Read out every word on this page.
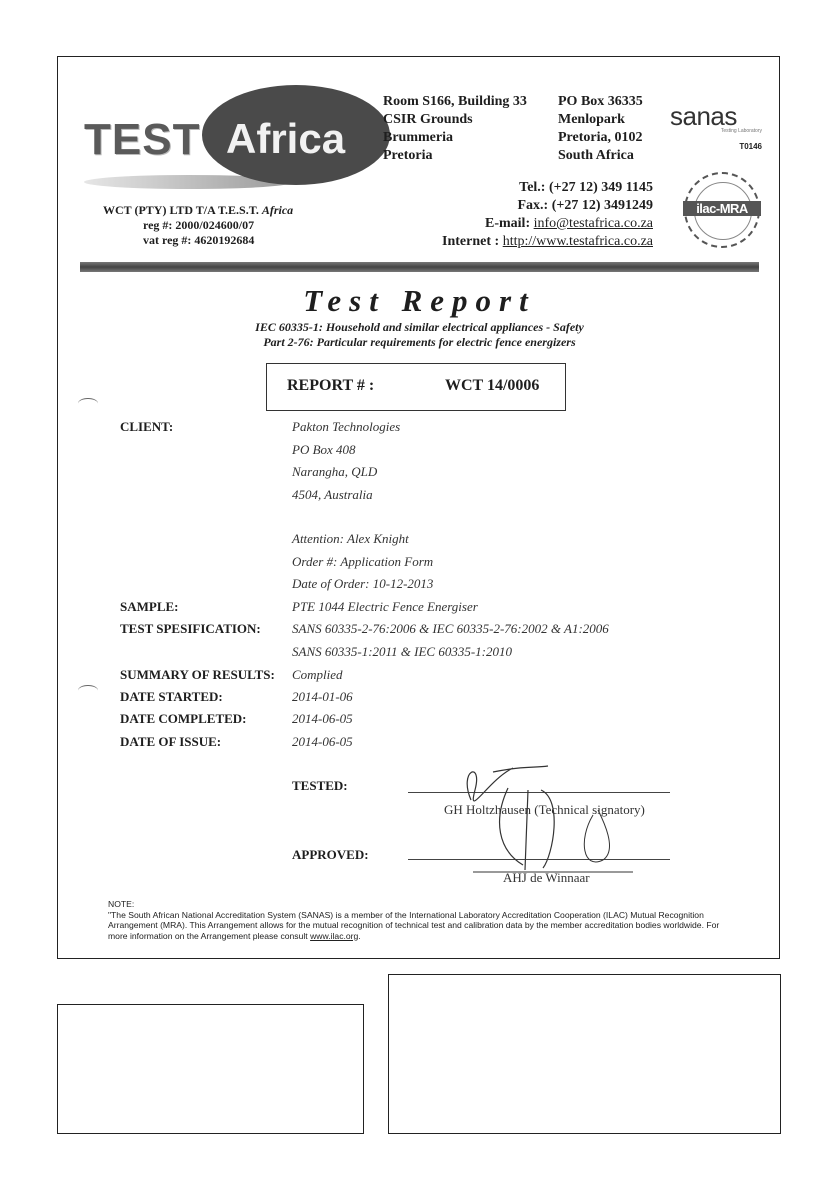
TEST Africa
WCT (PTY) LTD T/A T.E.S.T. Africa
reg #: 2000/024600/07
vat reg #: 4620192684
Room S166, Building 33
CSIR Grounds
Brummeria
Pretoria
PO Box 36335
Menlopark
Pretoria, 0102
South Africa
Tel.: (+27 12) 349 1145
Fax.: (+27 12) 3491249
E-mail: info@testafrica.co.za
Internet : http://www.testafrica.co.za
sanas
Testing Laboratory
T0146
ilac-MRA
Test Report
IEC 60335-1: Household and similar electrical appliances - Safety
Part 2-76: Particular requirements for electric fence energizers
REPORT # :	WCT 14/0006
CLIENT:	Pakton Technologies
PO Box 408
Narangha, QLD
4504, Australia
Attention: Alex Knight
Order #: Application Form
Date of Order: 10-12-2013
SAMPLE:	PTE 1044 Electric Fence Energiser
TEST SPESIFICATION: SANS 60335-2-76:2006 & IEC 60335-2-76:2002 & A1:2006
SANS 60335-1:2011 & IEC 60335-1:2010
SUMMARY OF RESULTS: Complied
DATE STARTED:	2014-01-06
DATE COMPLETED:	2014-06-05
DATE OF ISSUE:	2014-06-05
TESTED:
GH Holtzhausen (Technical signatory)
APPROVED:
AHJ de Winnaar
NOTE:
"The South African National Accreditation System (SANAS) is a member of the International Laboratory Accreditation Cooperation (ILAC) Mutual Recognition Arrangement (MRA). This Arrangement allows for the mutual recognition of technical test and calibration data by the member accreditation bodies worldwide. For more information on the Arrangement please consult www.ilac.org.
